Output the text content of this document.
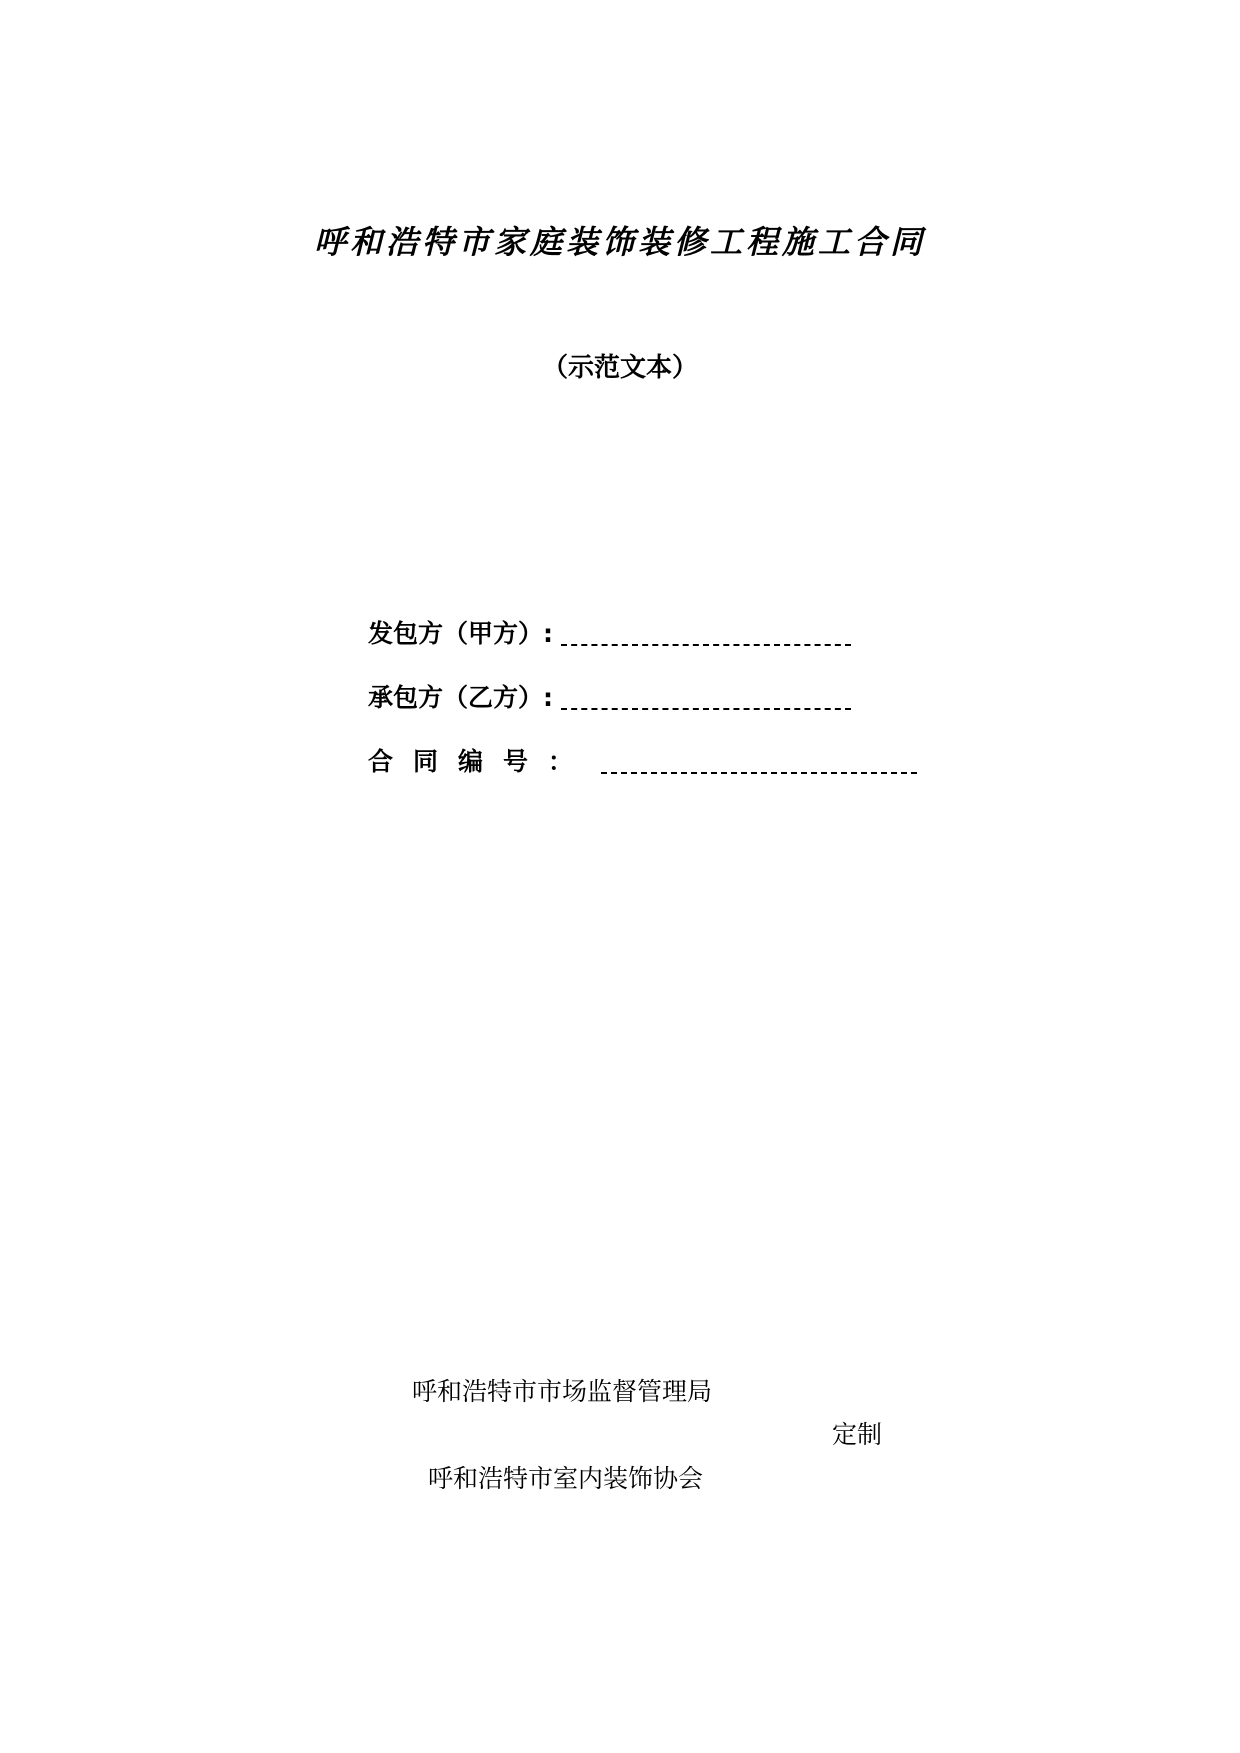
呼和浩特市家庭装饰装修工程施工合同
（示范文本）
发包方（甲方）:
承包方（乙方）:
合同编号：
呼和浩特市市场监督管理局
定制
呼和浩特市室内装饰协会
